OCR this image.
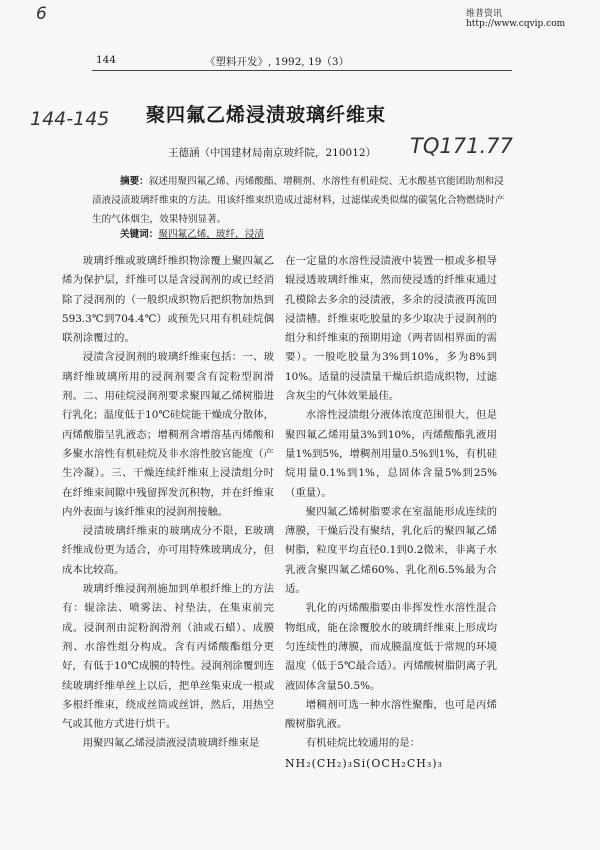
6	维普资讯 http://www.cqvip.com
144	《塑料开发》, 1992, 19（3）
144-145
TQ171.77
聚四氟乙烯浸渍玻璃纤维束
王德涵（中国建材局南京玻纤院，210012）
摘要：叙述用聚四氟乙烯、丙烯酸酯、增稠剂、水溶性有机硅烷、无水酸基官能团助剂和浸渍液浸渍玻璃纤维束的方法。用该纤维束织造成过滤材料，过滤煤或类似煤的碳氢化合物燃烧时产生的气体烟尘，效果特别显著。
关键词：聚四氟乙烯，玻纤，浸渍

玻璃纤维或玻璃纤维织物涂覆上聚四氟乙烯为保护层，纤维可以是含浸润剂的或已经消除了浸润剂的（一般织成织物后把织物加热到593.3℃到704.4℃）或预先只用有机硅烷偶联剂涂覆过的。

浸渍含浸润剂的玻璃纤维束包括：一、玻璃纤维玻璃所用的浸润剂要含有淀粉型润滑剂。二、用硅烷浸润剂要求聚四氟乙烯树脂进行乳化；温度低于10℃硅烷能干燥成分散体，丙烯酸脂呈乳液态；增稠剂含增溶基丙烯酸和多聚水溶性有机硅烷及非水溶性胶官能度（产生冷凝）。三、干燥连续纤维束上浸渍组分时在纤维束间隙中残留挥发沉积物，并在纤维束内外表面与该纤维束的浸润剂接触。

浸渍玻璃纤维束的玻璃成分不限，E玻璃纤维成份更为适合，亦可用特殊玻璃成分，但成本比较高。

玻璃纤维浸润剂施加到单根纤维上的方法有：辊涂法、喷雾法、衬垫法，在集束前完成。浸润剂由淀粉润滑剂（油或石蜡）、成膜剂、水溶性组分构成。含有丙烯酸酯组分更好，有低于10℃成膜的特性。浸润剂涂覆到连续玻璃纤维单丝上以后，把单丝集束成一根或多根纤维束，绕成丝筒或丝饼，然后，用热空气或其他方式进行烘干。

用聚四氟乙烯浸渍液浸渍玻璃纤维束是

在一定量的水溶性浸渍液中装置一根或多根导辊浸透玻璃纤维束，然而使浸透的纤维束通过孔模除去多余的浸渍液，多余的浸渍液再流回浸渍槽。纤维束吃胶量的多少取决于浸润剂的组分和纤维束的预期用途（两者固相界面的需要）。一般吃胶量为3%到10%，多为8%到10%。适量的浸渍量干燥后织造成织物，过滤含灰尘的气体效果最佳。

水溶性浸渍组分液体浓度范围很大，但是聚四氟乙烯用量3%到10%，丙烯酸酯乳液用量1%到5%，增稠剂用量0.5%到1%，有机硅烷用量0.1%到1%，总固体含量5%到25%（重量）。

聚四氟乙烯树脂要求在室温能形成连续的薄膜，干燥后没有聚结，乳化后的聚四氟乙烯树脂，粒度平均直径0.1到0.2微米，非离子水乳液含聚四氟乙烯60%、乳化剂6.5%最为合适。

乳化的丙烯酸脂要由非挥发性水溶性混合物组成，能在涂覆胶水的玻璃纤维束上形成均匀连续性的薄膜，而成膜温度低于常规的环境温度（低于5℃最合适）。丙烯酸树脂阴离子乳液固体含量50.5%。

增稠剂可选一种水溶性聚酯，也可是丙烯酸树脂乳液。

有机硅烷比较通用的是：

NH₂(CH₂)₃Si(OCH₂CH₃)₃
